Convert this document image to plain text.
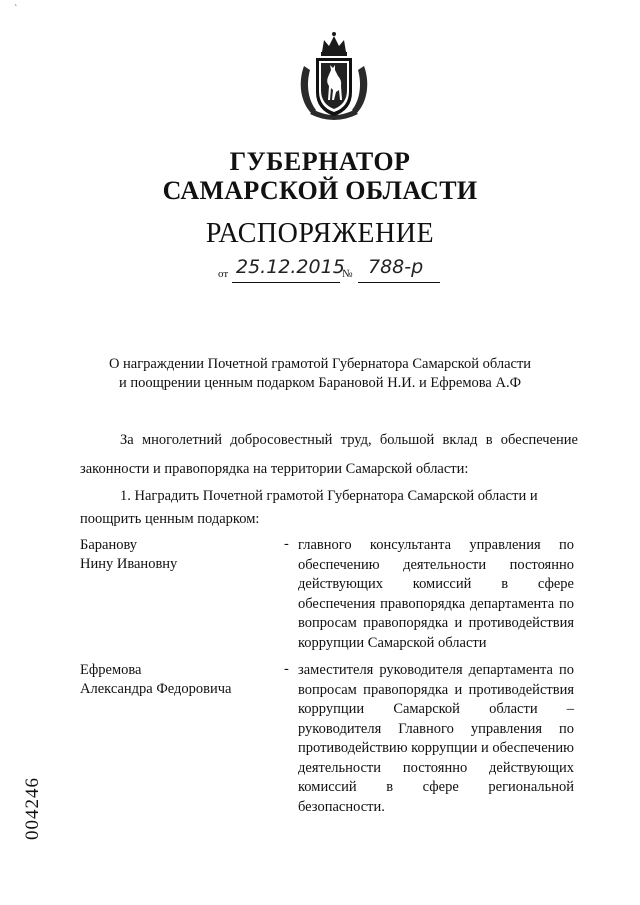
`
ГУБЕРНАТОР
САМАРСКОЙ ОБЛАСТИ
РАСПОРЯЖЕНИЕ
от 25.12.2015
№ 788-р
О награждении Почетной грамотой Губернатора Самарской области
и поощрении ценным подарком Барановой Н.И. и Ефремова А.Ф
За многолетний добросовестный труд, большой вклад в обеспечение законности и правопорядка на территории Самарской области:
1. Наградить Почетной грамотой Губернатора Самарской области и
поощрить ценным подарком:
Баранову
Нину Ивановну
- главного консультанта управления по обеспечению деятельности постоянно действующих комиссий в сфере обеспечения правопорядка департамента по вопросам правопорядка и противодействия коррупции Самарской области
Ефремова
Александра Федоровича
- заместителя руководителя департамента по вопросам правопорядка и противодействия коррупции Самарской области – руководителя Главного управления по противодействию коррупции и обеспечению деятельности постоянно действующих комиссий в сфере региональной безопасности.
004246
